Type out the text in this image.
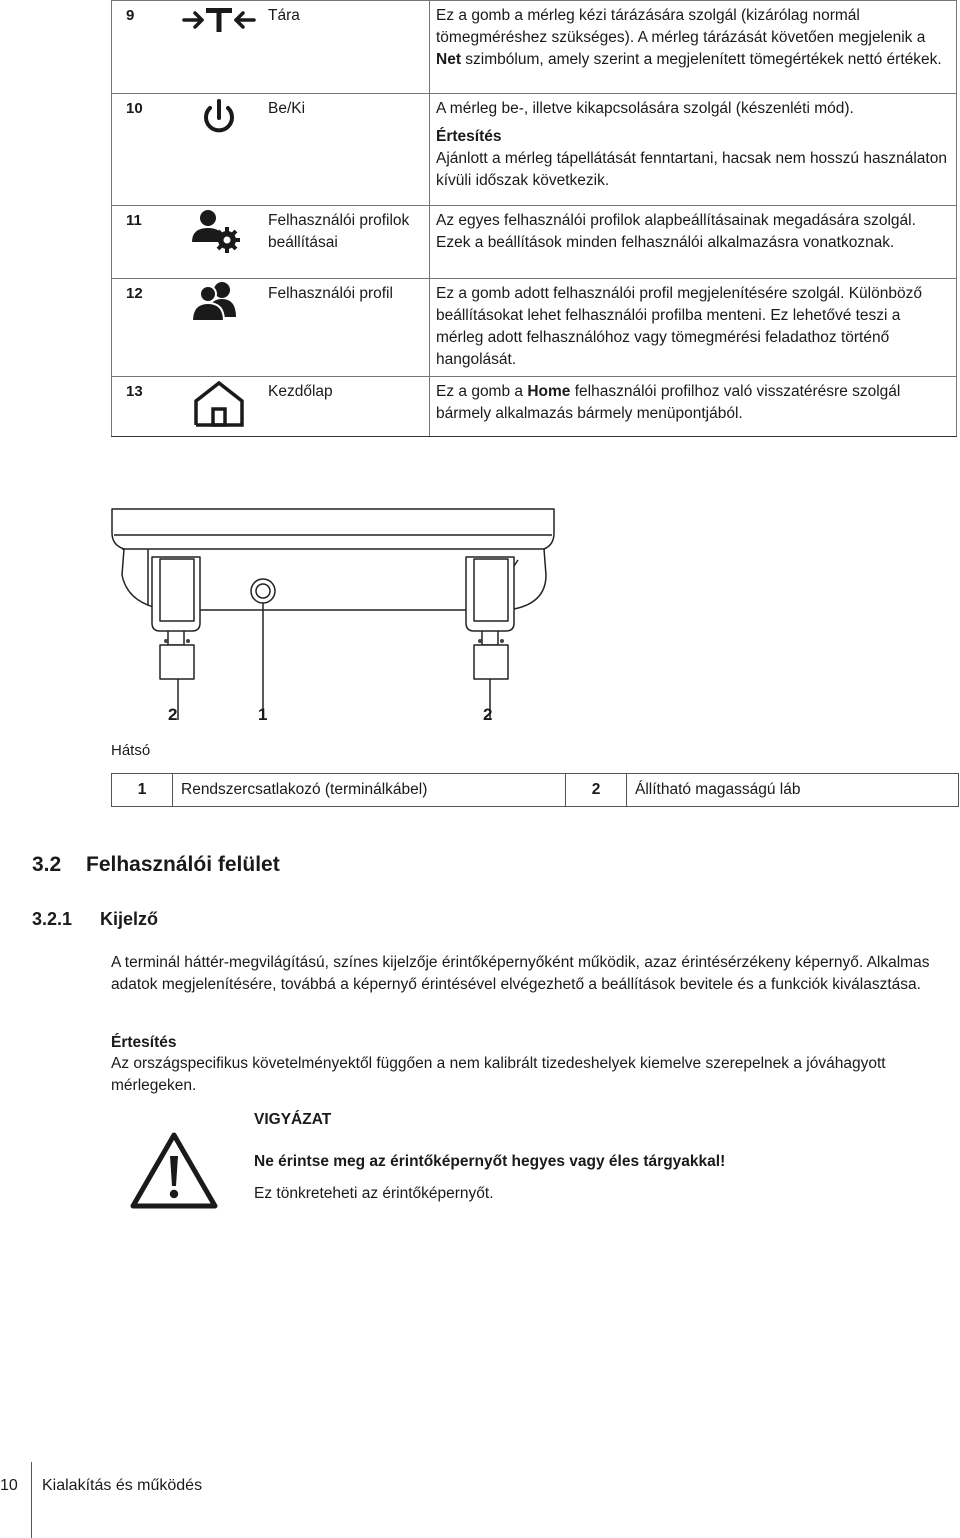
9		Tára	Ez a gomb a mérleg kézi tárázására szolgál (kizárólag normál tömegméréshez szükséges). A mérleg tárázását követően megjelenik a Net szimbólum, amely szerint a megjelenített tömegértékek nettó értékek.
10		Be/Ki	A mérleg be-, illetve kikapcsolására szolgál (készenléti mód).
Értesítés
Ajánlott a mérleg tápellátását fenntartani, hacsak nem hosszú használaton kívüli időszak következik.

11		Felhasználói profilok beállításai	Az egyes felhasználói profilok alapbeállításainak megadására szolgál. Ezek a beállítások minden felhasználói alkalmazásra vonatkoznak.
12		Felhasználói profil	Ez a gomb adott felhasználói profil megjelenítésére szolgál. Különböző beállításokat lehet felhasználói profilba menteni. Ez lehetővé teszi a mérleg adott felhasználóhoz vagy tömegmérési feladathoz történő hangolását.
13		Kezdőlap	Ez a gomb a Home felhasználói profilhoz való visszatérésre szolgál bármely alkalmazás bármely menüpontjából.
2	1	2
Hátsó
1	Rendszercsatlakozó (terminálkábel)	2	Állítható magasságú láb
3.2 Felhasználói felület
3.2.1 Kijelző
A terminál háttér-megvilágítású, színes kijelzője érintőképernyőként működik, azaz érintésérzékeny képernyő. Alkalmas adatok megjelenítésére, továbbá a képernyő érintésével elvégezhető a beállítások bevitele és a funkciók kiválasztása.
Értesítés
Az országspecifikus követelményektől függően a nem kalibrált tizedeshelyek kiemelve szerepelnek a jóváhagyott mérlegeken.
VIGYÁZAT
Ne érintse meg az érintőképernyőt hegyes vagy éles tárgyakkal!
Ez tönkreteheti az érintőképernyőt.
10 Kialakítás és működés
